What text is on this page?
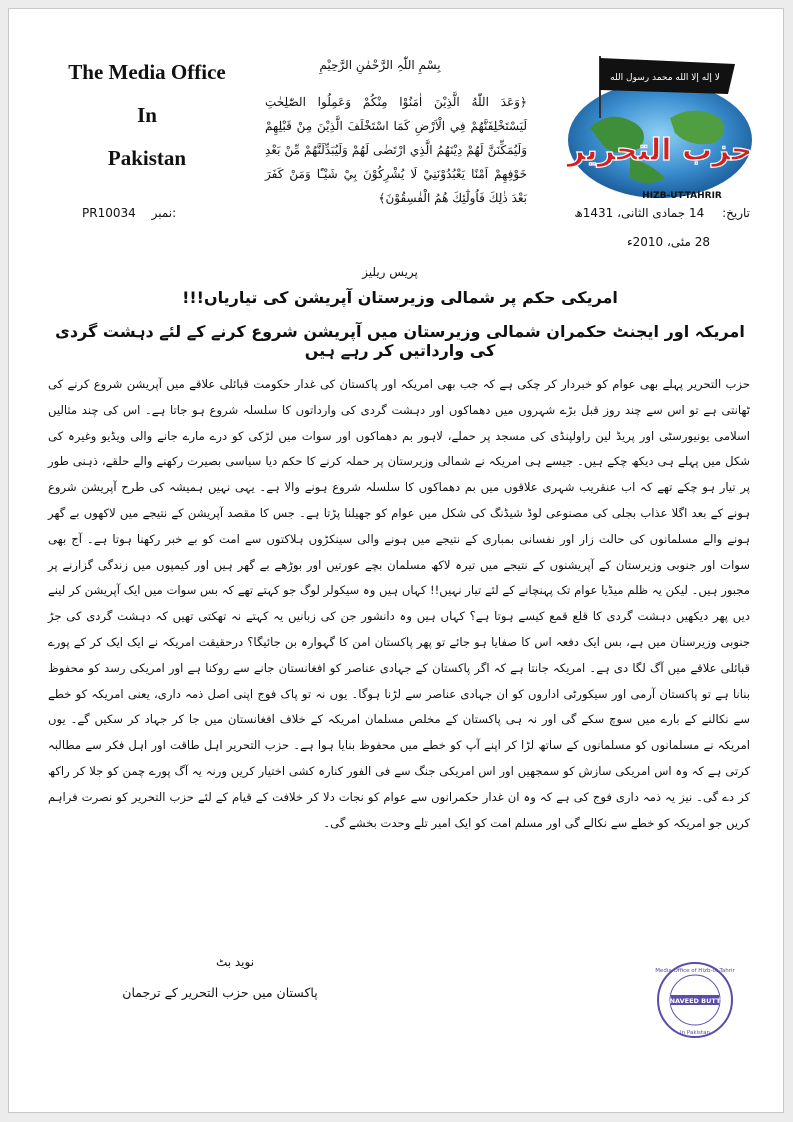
The Media Office
In
Pakistan
بِسْمِ اللّٰہِ الرَّحْمٰنِ الرَّحِیْمِ
﴿وَعَدَ اللّٰهُ الَّذِيْنَ اٰمَنُوْا مِنْكُمْ وَعَمِلُوا الصّٰلِحٰتِ لَيَسْتَخْلِفَنَّهُمْ فِي الْاَرْضِ كَمَا اسْتَخْلَفَ الَّذِيْنَ مِنْ قَبْلِهِمْ وَلَيُمَكِّنَنَّ لَهُمْ دِيْنَهُمُ الَّذِي ارْتَضٰى لَهُمْ وَلَيُبَدِّلَنَّهُمْ مِّنْ بَعْدِ خَوْفِهِمْ اَمْنًا يَعْبُدُوْنَنِيْ لَا يُشْرِكُوْنَ بِيْ شَيْـًٔا وَمَنْ كَفَرَ بَعْدَ ذٰلِكَ فَاُولٰٓئِكَ هُمُ الْفٰسِقُوْنَ﴾
لا إله إلا الله محمد رسول الله
حزب التحرير
HIZB-UT-TAHRIR
PR10034 نمبر:	تاریخ: 14 جمادی الثانی، 1431ھ
28 مئی، 2010ء
پریس ریلیز
امریکی حکم پر شمالی وزیرستان آپریشن کی تیاریاں!!!
امریکہ اور ایجنٹ حکمران شمالی وزیرستان میں آپریشن شروع کرنے کے لئے دہشت گردی کی وارداتیں کر رہے ہیں
حزب التحریر پہلے بھی عوام کو خبردار کر چکی ہے کہ جب بھی امریکہ اور پاکستان کی غدار حکومت قبائلی علاقے میں آپریشن شروع کرنے کی ٹھانتی ہے تو اس سے چند روز قبل بڑے شہروں میں دھماکوں اور دہشت گردی کی وارداتوں کا سلسلہ شروع ہو جاتا ہے۔ اس کی چند مثالیں اسلامی یونیورسٹی اور پریڈ لین راولپنڈی کی مسجد پر حملے، لاہور بم دھماکوں اور سوات میں لڑکی کو درے مارے جانے والی ویڈیو وغیرہ کی شکل میں پہلے ہی دیکھ چکے ہیں۔ جیسے ہی امریکہ نے شمالی وزیرستان پر حملہ کرنے کا حکم دیا سیاسی بصیرت رکھنے والے حلقے، ذہنی طور پر تیار ہو چکے تھے کہ اب عنقریب شہری علاقوں میں بم دھماکوں کا سلسلہ شروع ہونے والا ہے۔ یہی نہیں ہمیشہ کی طرح آپریشن شروع ہونے کے بعد اگلا عذاب بجلی کی مصنوعی لوڈ شیڈنگ کی شکل میں عوام کو جھیلنا پڑتا ہے۔ جس کا مقصد آپریشن کے نتیجے میں لاکھوں بے گھر ہونے والے مسلمانوں کی حالت زار اور نفسانی بمباری کے نتیجے میں ہونے والی سینکڑوں ہلاکتوں سے امت کو بے خبر رکھنا ہوتا ہے۔ آج بھی سوات اور جنوبی وزیرستان کے آپریشنوں کے نتیجے میں تیرہ لاکھ مسلمان بچے عورتیں اور بوڑھے بے گھر ہیں اور کیمپوں میں زندگی گزارنے پر مجبور ہیں۔ لیکن یہ ظلم میڈیا عوام تک پہنچانے کے لئے تیار نہیں!! کہاں ہیں وہ سیکولر لوگ جو کہتے تھے کہ بس سوات میں ایک آپریشن کر لینے دیں پھر دیکھیں دہشت گردی کا قلع قمع کیسے ہوتا ہے؟ کہاں ہیں وہ دانشور جن کی زبانیں یہ کہتے نہ تھکتی تھیں کہ دہشت گردی کی جڑ جنوبی وزیرستان میں ہے، بس ایک دفعہ اس کا صفایا ہو جائے تو پھر پاکستان امن کا گہوارہ بن جائیگا؟ درحقیقت امریکہ نے ایک ایک کر کے پورے قبائلی علاقے میں آگ لگا دی ہے۔ امریکہ جانتا ہے کہ اگر پاکستان کے جہادی عناصر کو افغانستان جانے سے روکنا ہے اور امریکی رسد کو محفوظ بنانا ہے تو پاکستان آرمی اور سیکورٹی اداروں کو ان جہادی عناصر سے لڑنا ہوگا۔ یوں نہ تو پاک فوج اپنی اصل ذمہ داری، یعنی امریکہ کو خطے سے نکالنے کے بارے میں سوچ سکے گی اور نہ ہی پاکستان کے مخلص مسلمان امریکہ کے خلاف افغانستان میں جا کر جہاد کر سکیں گے۔ یوں امریکہ نے مسلمانوں کو مسلمانوں کے ساتھ لڑا کر اپنے آپ کو خطے میں محفوظ بنایا ہوا ہے۔ حزب التحریر اہل طاقت اور اہل فکر سے مطالبہ کرتی ہے کہ وہ اس امریکی سازش کو سمجھیں اور اس امریکی جنگ سے فی الفور کنارہ کشی اختیار کریں ورنہ یہ آگ پورے چمن کو جلا کر راکھ کر دے گی۔ نیز یہ ذمہ داری فوج کی ہے کہ وہ ان غدار حکمرانوں سے عوام کو نجات دلا کر خلافت کے قیام کے لئے حزب التحریر کو نصرت فراہم کریں جو امریکہ کو خطے سے نکالے گی اور مسلم امت کو ایک امیر تلے وحدت بخشے گی۔
نوید بٹ
پاکستان میں حزب التحریر کے ترجمان
Media Office of Hizb-ut-Tahrir
NAVEED BUTT
In Pakistan
